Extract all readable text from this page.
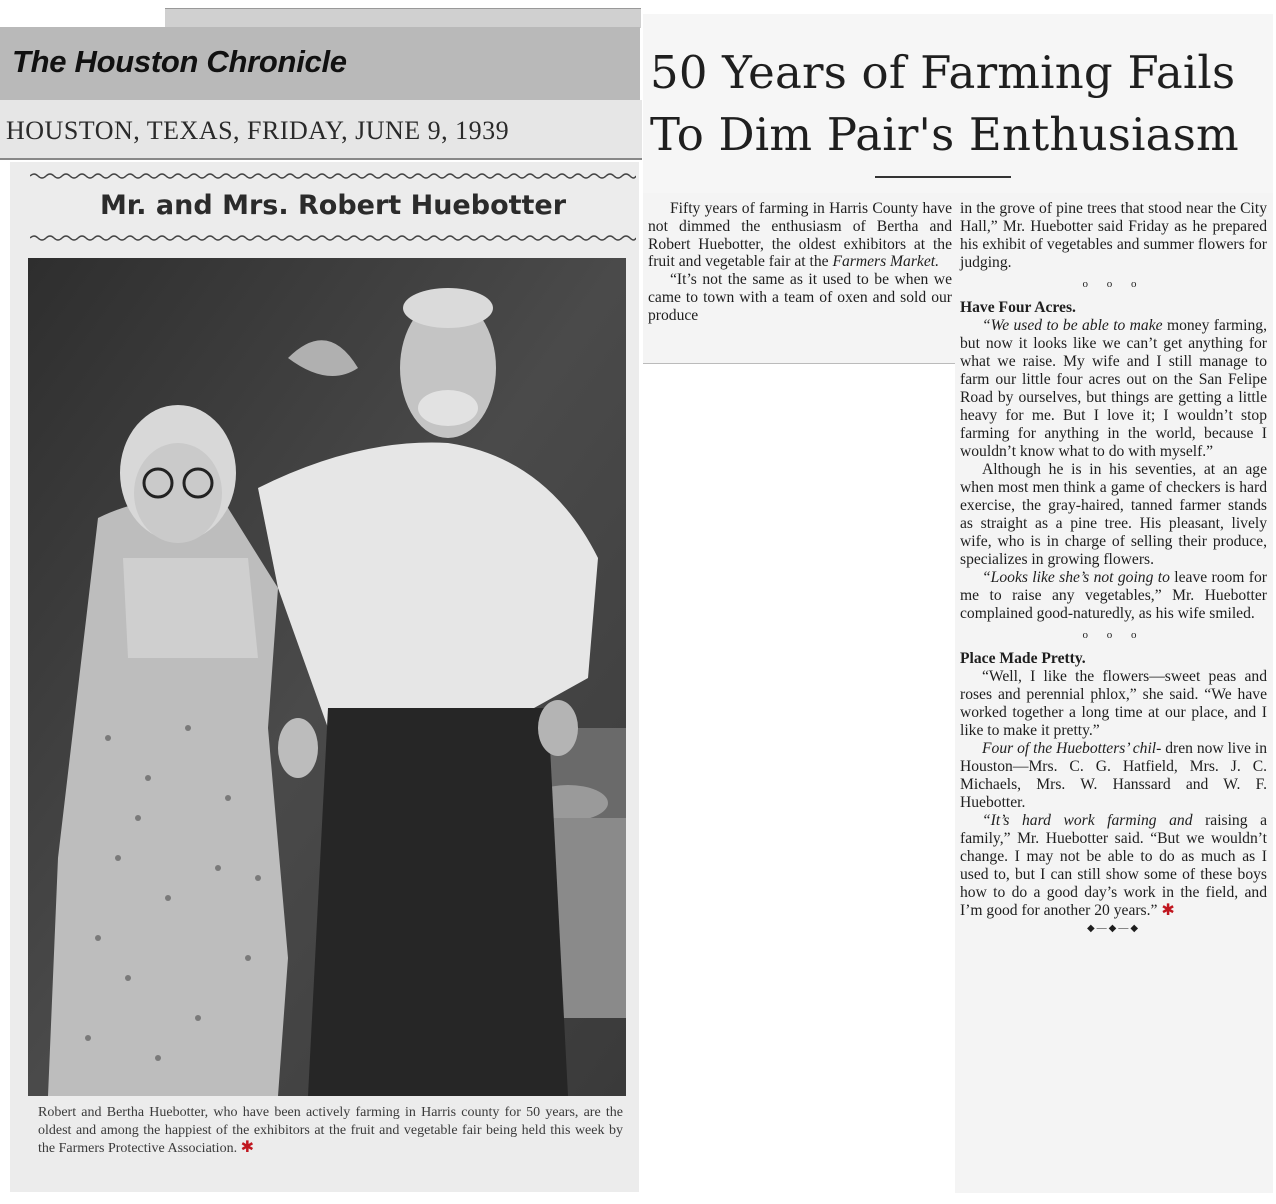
The Houston Chronicle
HOUSTON, TEXAS, FRIDAY, JUNE 9, 1939
Mr. and Mrs. Robert Huebotter
Robert and Bertha Huebotter, who have been actively farming in Harris county for 50 years, are the oldest and among the happiest of the exhibitors at the fruit and vegetable fair being held this week by the Farmers Protective Association. ✱
50 Years of Farming Fails
To Dim Pair's Enthusiasm

Fifty years of farming in Harris County have not dimmed the enthusiasm of Bertha and Robert Huebotter, the oldest exhibitors at the fruit and vegetable fair at the Farmers Market.

“It’s not the same as it used to be when we came to town with a team of oxen and sold our produce

in the grove of pine trees that stood near the City Hall,” Mr. Huebotter said Friday as he prepared his exhibit of vegetables and summer flowers for judging.

o o o

Have Four Acres.

“We used to be able to make money farming, but now it looks like we can’t get anything for what we raise. My wife and I still manage to farm our little four acres out on the San Felipe Road by ourselves, but things are getting a little heavy for me. But I love it; I wouldn’t stop farming for anything in the world, because I wouldn’t know what to do with myself.”

Although he is in his seventies, at an age when most men think a game of checkers is hard exercise, the gray-haired, tanned farmer stands as straight as a pine tree. His pleasant, lively wife, who is in charge of selling their produce, specializes in growing flowers.

“Looks like she’s not going to leave room for me to raise any vegetables,” Mr. Huebotter complained good-naturedly, as his wife smiled.

o o o

Place Made Pretty.

“Well, I like the flowers—sweet peas and roses and perennial phlox,” she said. “We have worked together a long time at our place, and I like to make it pretty.”

Four of the Huebotters’ chil- dren now live in Houston—Mrs. C. G. Hatfield, Mrs. J. C. Michaels, Mrs. W. Hanssard and W. F. Huebotter.

“It’s hard work farming and raising a family,” Mr. Huebotter said. “But we wouldn’t change. I may not be able to do as much as I used to, but I can still show some of these boys how to do a good day’s work in the field, and I’m good for another 20 years.” ✱

◆—◆—◆
